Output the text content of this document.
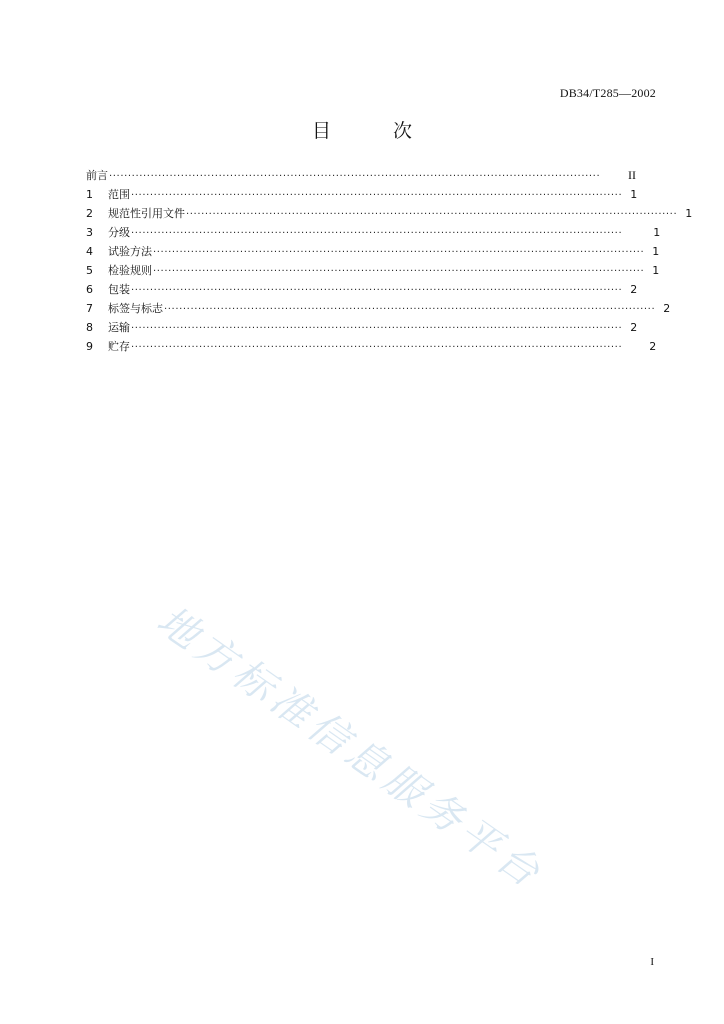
DB34/T285—2002
目	次
前言 ··································································································································	II
1	范围 ·································································································································· 1
2	规范性引用文件 ·································································································································· 1
3	分级 ··································································································································	1
4	试验方法 ·································································································································· 1
5	检验规则 ·································································································································· 1
6	包装 ·································································································································· 2
7	标签与标志 ·································································································································· 2
8	运输 ·································································································································· 2
9	贮存 ··································································································································	2
地方标准信息服务平台
I
